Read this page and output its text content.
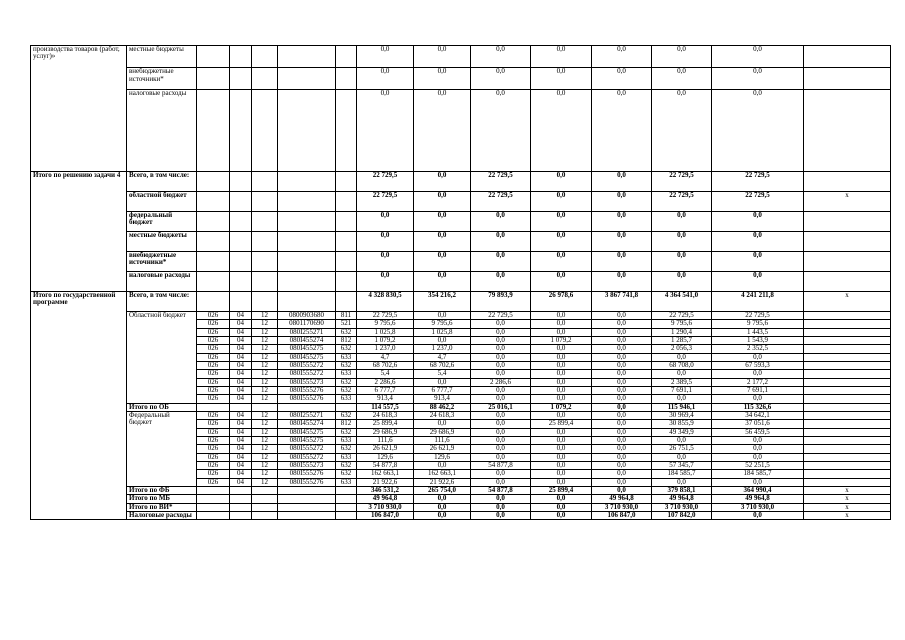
производства товаров (работ, услуг)»	местные бюджеты						0,0	0,0	0,0	0,0	0,0	0,0	0,0		
	внебюджетные источники*						0,0	0,0	0,0	0,0	0,0	0,0	0,0		
	налоговые расходы						0,0	0,0	0,0	0,0	0,0	0,0	0,0		
Итого по решению задачи 4	Всего, в том числе:						22 729,5	0,0	22 729,5	0,0	0,0	22 729,5	22 729,5		
	областной бюджет						22 729,5	0,0	22 729,5	0,0	0,0	22 729,5	22 729,5	x	
	федеральный бюджет						0,0	0,0	0,0	0,0	0,0	0,0	0,0		
	местные бюджеты						0,0	0,0	0,0	0,0	0,0	0,0	0,0		
	внебюджетные источники*						0,0	0,0	0,0	0,0	0,0	0,0	0,0		
	налоговые расходы						0,0	0,0	0,0	0,0	0,0	0,0	0,0		
Итого по государственной программе	Всего, в том числе:						4 328 830,5	354 216,2	79 893,9	26 978,6	3 867 741,8	4 364 541,0	4 241 211,8	x	
	Областной бюджет	026	04	12	0800903680	811	22 729,5	0,0	22 729,5	0,0	0,0	22 729,5	22 729,5		
		026	04	12	0801170690	521	9 795,6	9 795,6	0,0	0,0	0,0	9 795,6	9 795,6		
		026	04	12	080I255271	632	1 025,8	1 025,8	0,0	0,0	0,0	1 290,4	1 443,5		
		026	04	12	080I455274	812	1 079,2	0,0	0,0	1 079,2	0,0	1 285,7	1 543,9		
		026	04	12	080I455275	632	1 237,0	1 237,0	0,0	0,0	0,0	2 056,3	2 352,5		
		026	04	12	080I455275	633	4,7	4,7	0,0	0,0	0,0	0,0	0,0		
		026	04	12	080I555272	632	68 702,6	68 702,6	0,0	0,0	0,0	68 708,0	67 593,3		
		026	04	12	080I555272	633	5,4	5,4	0,0	0,0	0,0	0,0	0,0		
		026	04	12	080I555273	632	2 286,6	0,0	2 286,6	0,0	0,0	2 389,5	2 177,2		
		026	04	12	080I555276	632	6 777,7	6 777,7	0,0	0,0	0,0	7 691,1	7 691,1		
		026	04	12	080I555276	633	913,4	913,4	0,0	0,0	0,0	0,0	0,0		
	Итого по ОБ						114 557,5	88 462,2	25 016,1	1 079,2	0,0	115 946,1	115 326,6		
	Федеральный бюджет	026	04	12	080I255271	632	24 618,3	24 618,3	0,0	0,0	0,0	30 969,4	34 642,1		
		026	04	12	080I455274	812	25 899,4	0,0	0,0	25 899,4	0,0	30 855,9	37 051,6		
		026	04	12	080I455275	632	29 686,9	29 686,9	0,0	0,0	0,0	49 349,9	56 459,5		
		026	04	12	080I455275	633	111,6	111,6	0,0	0,0	0,0	0,0	0,0		
		026	04	12	080I555272	632	26 621,9	26 621,9	0,0	0,0	0,0	26 751,5	0,0		
		026	04	12	080I555272	633	129,6	129,6	0,0	0,0	0,0	0,0	0,0		
		026	04	12	080I555273	632	54 877,8	0,0	54 877,8	0,0	0,0	57 345,7	52 251,5		
		026	04	12	080I555276	632	162 663,1	162 663,1	0,0	0,0	0,0	184 585,7	184 585,7		
		026	04	12	080I555276	633	21 922,6	21 922,6	0,0	0,0	0,0	0,0	0,0		
	Итого по ФБ						346 531,2	265 754,0	54 877,8	25 899,4	0,0	379 858,1	364 990,4	x	
	Итого по МБ						49 964,8	0,0	0,0	0,0	49 964,8	49 964,8	49 964,8	x	
	Итого по ВИ*						3 710 930,0	0,0	0,0	0,0	3 710 930,0	3 710 930,0	3 710 930,0	x	
	Налоговые расходы						106 847,0	0,0	0,0	0,0	106 847,0	107 842,0	0,0	x	
